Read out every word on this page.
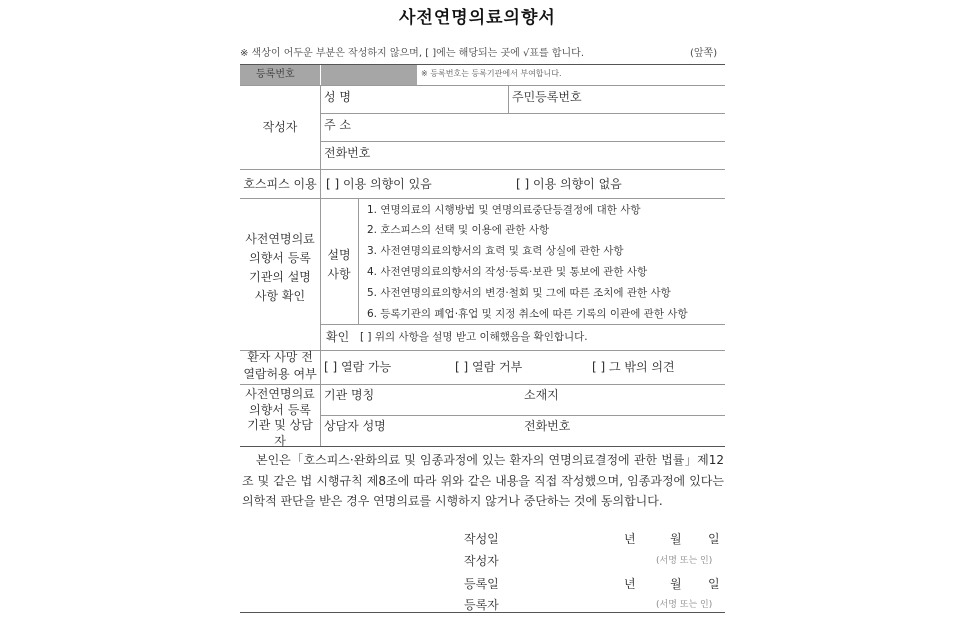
사전연명의료의향서
※ 색상이 어두운 부분은 작성하지 않으며, [ ]에는 해당되는 곳에 √표를 합니다.	(앞쪽)
등록번호	※ 등록번호는 등록기관에서 부여합니다.
작성자
성 명	주민등록번호
주 소
전화번호
호스피스 이용 [ ] 이용 의향이 있음	[ ] 이용 의향이 없음
사전연명의료의향서 등록기관의 설명사항 확인
설명사항
1. 연명의료의 시행방법 및 연명의료중단등결정에 대한 사항
2. 호스피스의 선택 및 이용에 관한 사항
3. 사전연명의료의향서의 효력 및 효력 상실에 관한 사항
4. 사전연명의료의향서의 작성·등록·보관 및 통보에 관한 사항
5. 사전연명의료의향서의 변경·철회 및 그에 따른 조치에 관한 사항
6. 등록기관의 폐업·휴업 및 지정 취소에 따른 기록의 이관에 관한 사항
확인 [ ] 위의 사항을 설명 받고 이해했음을 확인합니다.
환자 사망 전 열람허용 여부 [ ] 열람 가능	[ ] 열람 거부	[ ] 그 밖의 의견
사전연명의료의향서 등록기관 및 상담자
기관 명칭	소재지
상담자 성명	전화번호
본인은「호스피스·완화의료 및 임종과정에 있는 환자의 연명의료결정에 관한 법률」제12조 및 같은 법 시행규칙 제8조에 따라 위와 같은 내용을 직접 작성했으며, 임종과정에 있다는 의학적 판단을 받은 경우 연명의료를 시행하지 않거나 중단하는 것에 동의합니다.
작성일	년	월 일
작성자	(서명 또는 인)
등록일	년	월 일
등록자	(서명 또는 인)
